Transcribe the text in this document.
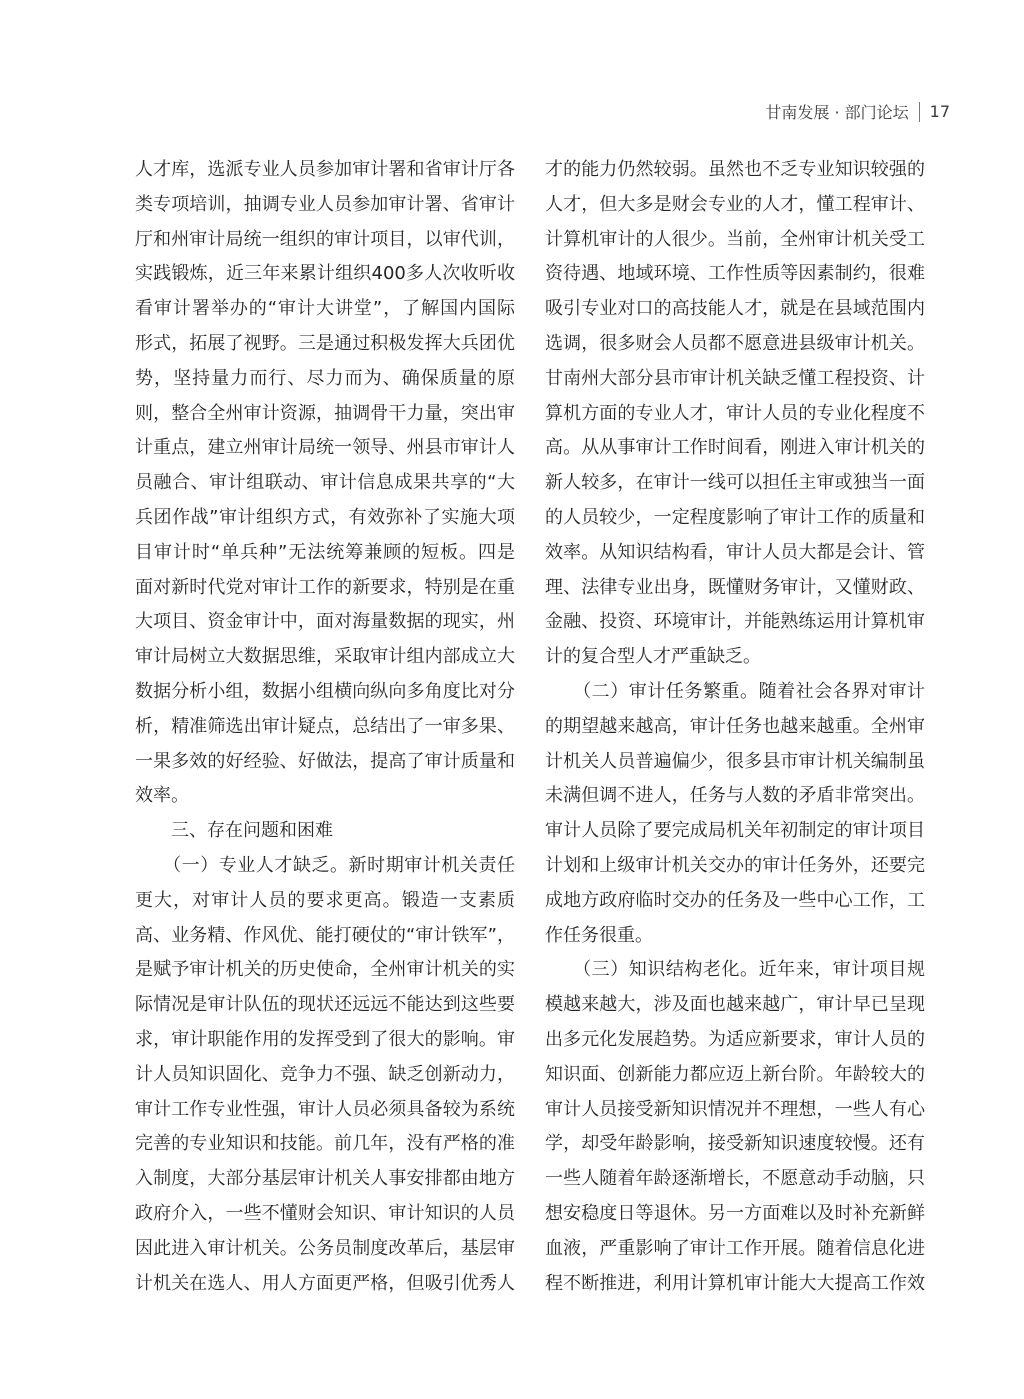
甘南发展 · 部门论坛 17
人才库，选派专业人员参加审计署和省审计厅各
类专项培训，抽调专业人员参加审计署、省审计
厅和州审计局统一组织的审计项目，以审代训，
实践锻炼，近三年来累计组织400多人次收听收
看审计署举办的“审计大讲堂”，了解国内国际
形式，拓展了视野。三是通过积极发挥大兵团优
势，坚持量力而行、尽力而为、确保质量的原
则，整合全州审计资源，抽调骨干力量，突出审
计重点，建立州审计局统一领导、州县市审计人
员融合、审计组联动、审计信息成果共享的“大
兵团作战”审计组织方式，有效弥补了实施大项
目审计时“单兵种”无法统筹兼顾的短板。四是
面对新时代党对审计工作的新要求，特别是在重
大项目、资金审计中，面对海量数据的现实，州
审计局树立大数据思维，采取审计组内部成立大
数据分析小组，数据小组横向纵向多角度比对分
析，精准筛选出审计疑点，总结出了一审多果、
一果多效的好经验、好做法，提高了审计质量和
效率。
　　三、存在问题和困难
　　（一）专业人才缺乏。新时期审计机关责任
更大，对审计人员的要求更高。锻造一支素质
高、业务精、作风优、能打硬仗的“审计铁军”，
是赋予审计机关的历史使命，全州审计机关的实
际情况是审计队伍的现状还远远不能达到这些要
求，审计职能作用的发挥受到了很大的影响。审
计人员知识固化、竞争力不强、缺乏创新动力，
审计工作专业性强，审计人员必须具备较为系统
完善的专业知识和技能。前几年，没有严格的准
入制度，大部分基层审计机关人事安排都由地方
政府介入，一些不懂财会知识、审计知识的人员
因此进入审计机关。公务员制度改革后，基层审
计机关在选人、用人方面更严格，但吸引优秀人
才的能力仍然较弱。虽然也不乏专业知识较强的
人才，但大多是财会专业的人才，懂工程审计、
计算机审计的人很少。当前，全州审计机关受工
资待遇、地域环境、工作性质等因素制约，很难
吸引专业对口的高技能人才，就是在县域范围内
选调，很多财会人员都不愿意进县级审计机关。
甘南州大部分县市审计机关缺乏懂工程投资、计
算机方面的专业人才，审计人员的专业化程度不
高。从从事审计工作时间看，刚进入审计机关的
新人较多，在审计一线可以担任主审或独当一面
的人员较少，一定程度影响了审计工作的质量和
效率。从知识结构看，审计人员大都是会计、管
理、法律专业出身，既懂财务审计，又懂财政、
金融、投资、环境审计，并能熟练运用计算机审
计的复合型人才严重缺乏。
　　（二）审计任务繁重。随着社会各界对审计
的期望越来越高，审计任务也越来越重。全州审
计机关人员普遍偏少，很多县市审计机关编制虽
未满但调不进人，任务与人数的矛盾非常突出。
审计人员除了要完成局机关年初制定的审计项目
计划和上级审计机关交办的审计任务外，还要完
成地方政府临时交办的任务及一些中心工作，工
作任务很重。
　　（三）知识结构老化。近年来，审计项目规
模越来越大，涉及面也越来越广，审计早已呈现
出多元化发展趋势。为适应新要求，审计人员的
知识面、创新能力都应迈上新台阶。年龄较大的
审计人员接受新知识情况并不理想，一些人有心
学，却受年龄影响，接受新知识速度较慢。还有
一些人随着年龄逐渐增长，不愿意动手动脑，只
想安稳度日等退休。另一方面难以及时补充新鲜
血液，严重影响了审计工作开展。随着信息化进
程不断推进，利用计算机审计能大大提高工作效
